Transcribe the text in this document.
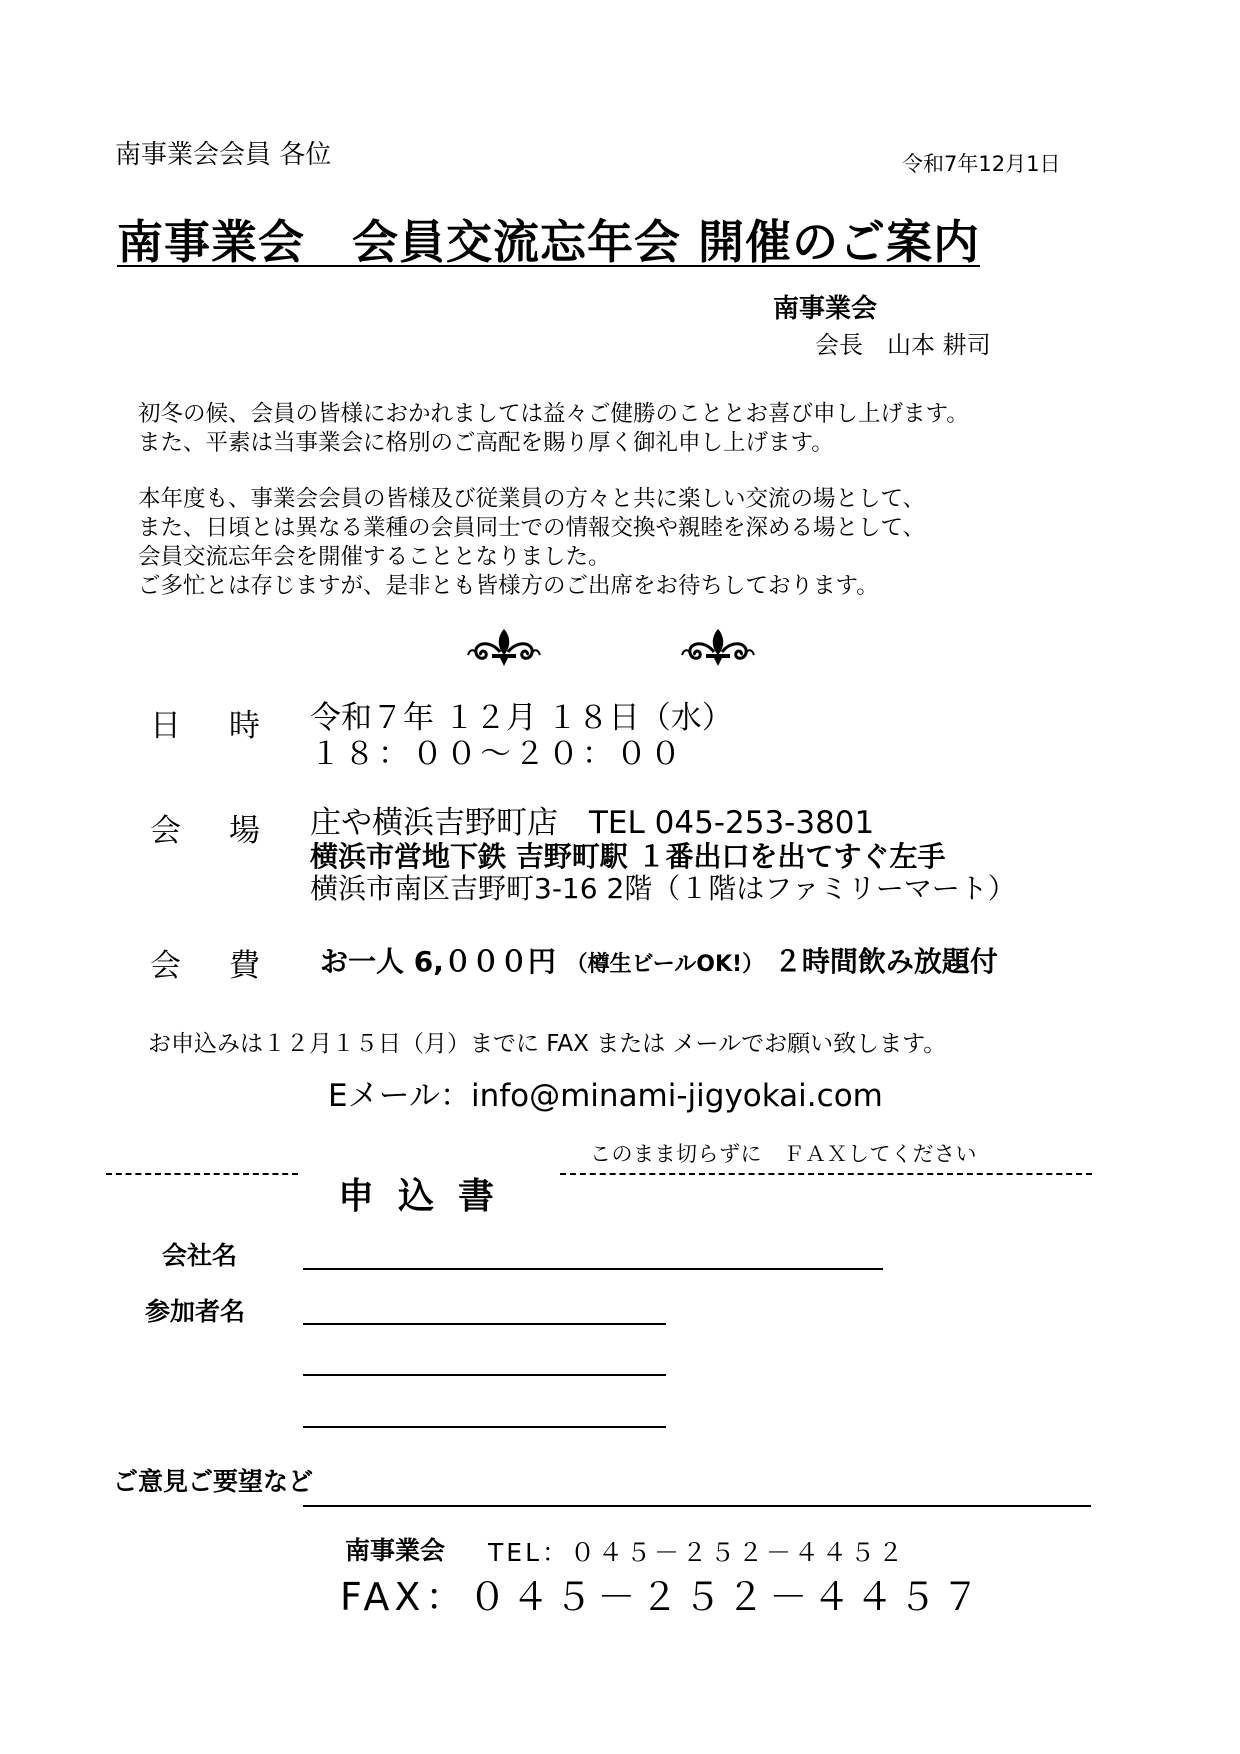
南事業会会員 各位	令和7年12月1日
南事業会　会員交流忘年会 開催のご案内
南事業会
会長　山本 耕司

初冬の候、会員の皆様におかれましては益々ご健勝のこととお喜び申し上げます。
また、平素は当事業会に格別のご高配を賜り厚く御礼申し上げます。

本年度も、事業会会員の皆様及び従業員の方々と共に楽しい交流の場として、
また、日頃とは異なる業種の会員同士での情報交換や親睦を深める場として、
会員交流忘年会を開催することとなりました。
ご多忙とは存じますが、是非とも皆様方のご出席をお待ちしております。

日 時 令和７年 １２月 １８日（水）
１８：００～２０：００
会 場 庄や横浜吉野町店　TEL 045-253-3801
横浜市営地下鉄 吉野町駅 １番出口を出てすぐ左手
横浜市南区吉野町3-16 2階（１階はファミリーマート）
会 費 お一人 6,０００円 （樽生ビールOK!） ２時間飲み放題付
お申込みは１２月１５日（月）までに FAX または メールでお願い致します。
Eメール：info@minami-jigyokai.com
このまま切らずに　ＦＡＸしてください
申込書
会社名
参加者名
ご意見ご要望など
南事業会 TEL：０４５－２５２－４４５２
FAX：０４５－２５２－４４５７
